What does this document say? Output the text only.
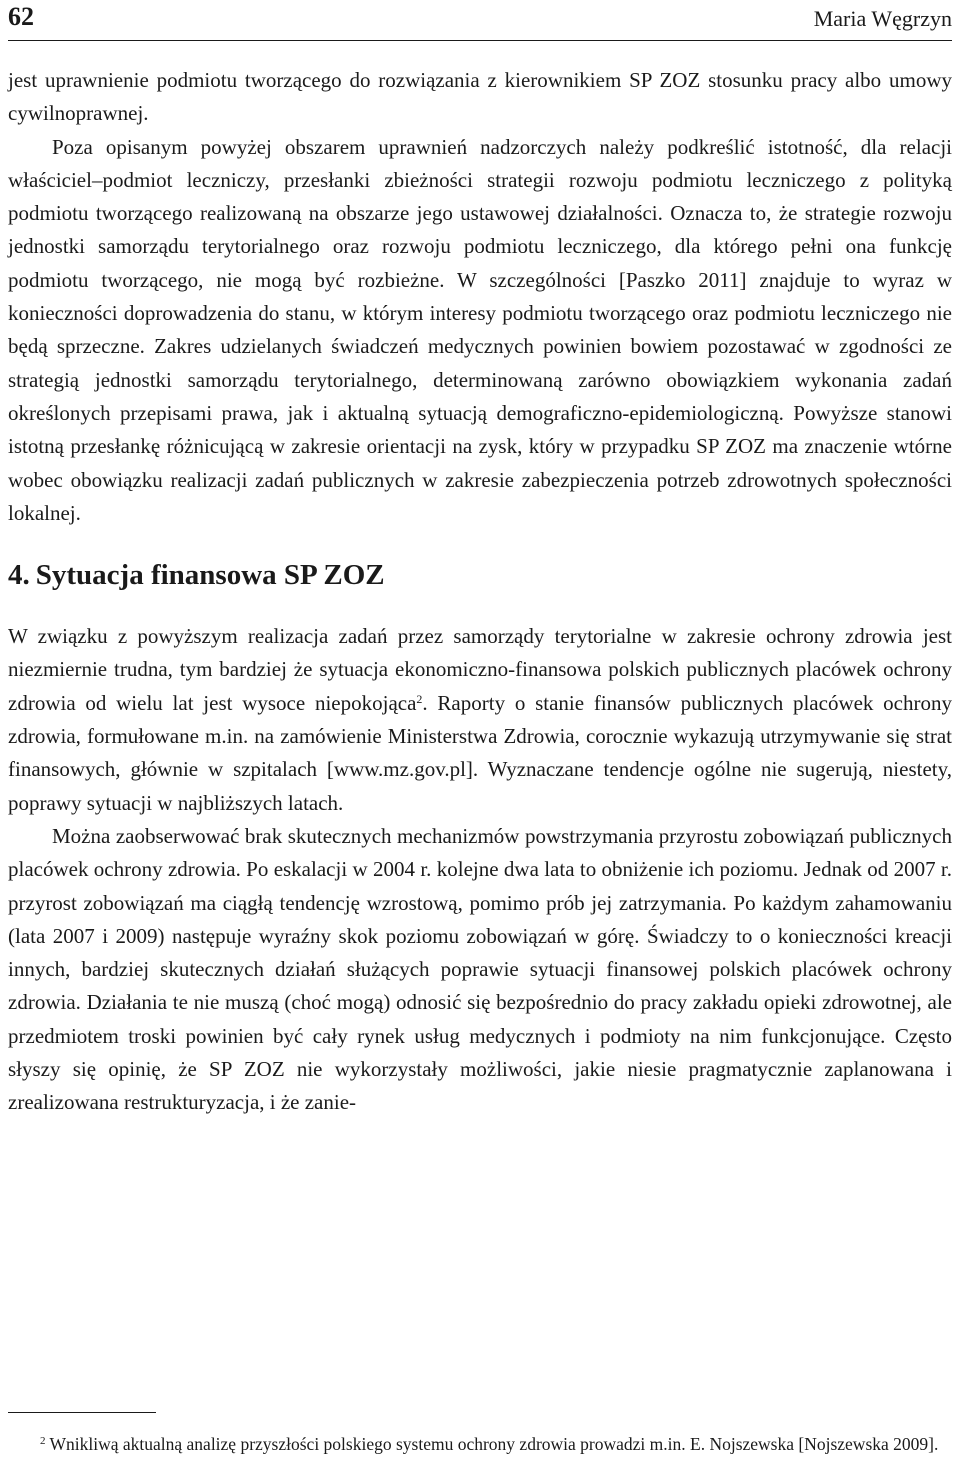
62	Maria Węgrzyn

jest uprawnienie podmiotu tworzącego do rozwiązania z kierownikiem SP ZOZ stosunku pracy albo umowy cywilnoprawnej.

Poza opisanym powyżej obszarem uprawnień nadzorczych należy podkreślić istotność, dla relacji właściciel–podmiot leczniczy, przesłanki zbieżności strategii rozwoju podmiotu leczniczego z polityką podmiotu tworzącego realizowaną na obszarze jego ustawowej działalności. Oznacza to, że strategie rozwoju jednostki samorządu terytorialnego oraz rozwoju podmiotu leczniczego, dla którego pełni ona funkcję podmiotu tworzącego, nie mogą być rozbieżne. W szczególności [Paszko 2011] znajduje to wyraz w konieczności doprowadzenia do stanu, w którym interesy podmiotu tworzącego oraz podmiotu leczniczego nie będą sprzeczne. Zakres udzielanych świadczeń medycznych powinien bowiem pozostawać w zgodności ze strategią jednostki samorządu terytorialnego, determinowaną zarówno obowiązkiem wykonania zadań określonych przepisami prawa, jak i aktualną sytuacją demograficzno-epidemiologiczną. Powyższe stanowi istotną przesłankę różnicującą w zakresie orientacji na zysk, który w przypadku SP ZOZ ma znaczenie wtórne wobec obowiązku realizacji zadań publicznych w zakresie zabezpieczenia potrzeb zdrowotnych społeczności lokalnej.

4. Sytuacja finansowa SP ZOZ

W związku z powyższym realizacja zadań przez samorządy terytorialne w zakresie ochrony zdrowia jest niezmiernie trudna, tym bardziej że sytuacja ekonomiczno-finansowa polskich publicznych placówek ochrony zdrowia od wielu lat jest wysoce niepokojąca$^2$. Raporty o stanie finansów publicznych placówek ochrony zdrowia, formułowane m.in. na zamówienie Ministerstwa Zdrowia, corocznie wykazują utrzymywanie się strat finansowych, głównie w szpitalach [www.mz.gov.pl]. Wyznaczane tendencje ogólne nie sugerują, niestety, poprawy sytuacji w najbliższych latach.

Można zaobserwować brak skutecznych mechanizmów powstrzymania przyrostu zobowiązań publicznych placówek ochrony zdrowia. Po eskalacji w 2004 r. kolejne dwa lata to obniżenie ich poziomu. Jednak od 2007 r. przyrost zobowiązań ma ciągłą tendencję wzrostową, pomimo prób jej zatrzymania. Po każdym zahamowaniu (lata 2007 i 2009) następuje wyraźny skok poziomu zobowiązań w górę. Świadczy to o konieczności kreacji innych, bardziej skutecznych działań służących poprawie sytuacji finansowej polskich placówek ochrony zdrowia. Działania te nie muszą (choć mogą) odnosić się bezpośrednio do pracy zakładu opieki zdrowotnej, ale przedmiotem troski powinien być cały rynek usług medycznych i podmioty na nim funkcjonujące. Często słyszy się opinię, że SP ZOZ nie wykorzystały możliwości, jakie niesie pragmatycznie zaplanowana i zrealizowana restrukturyzacja, i że zanie-

$^2$ Wnikliwą aktualną analizę przyszłości polskiego systemu ochrony zdrowia prowadzi m.in. E. Nojszewska [Nojszewska 2009].
